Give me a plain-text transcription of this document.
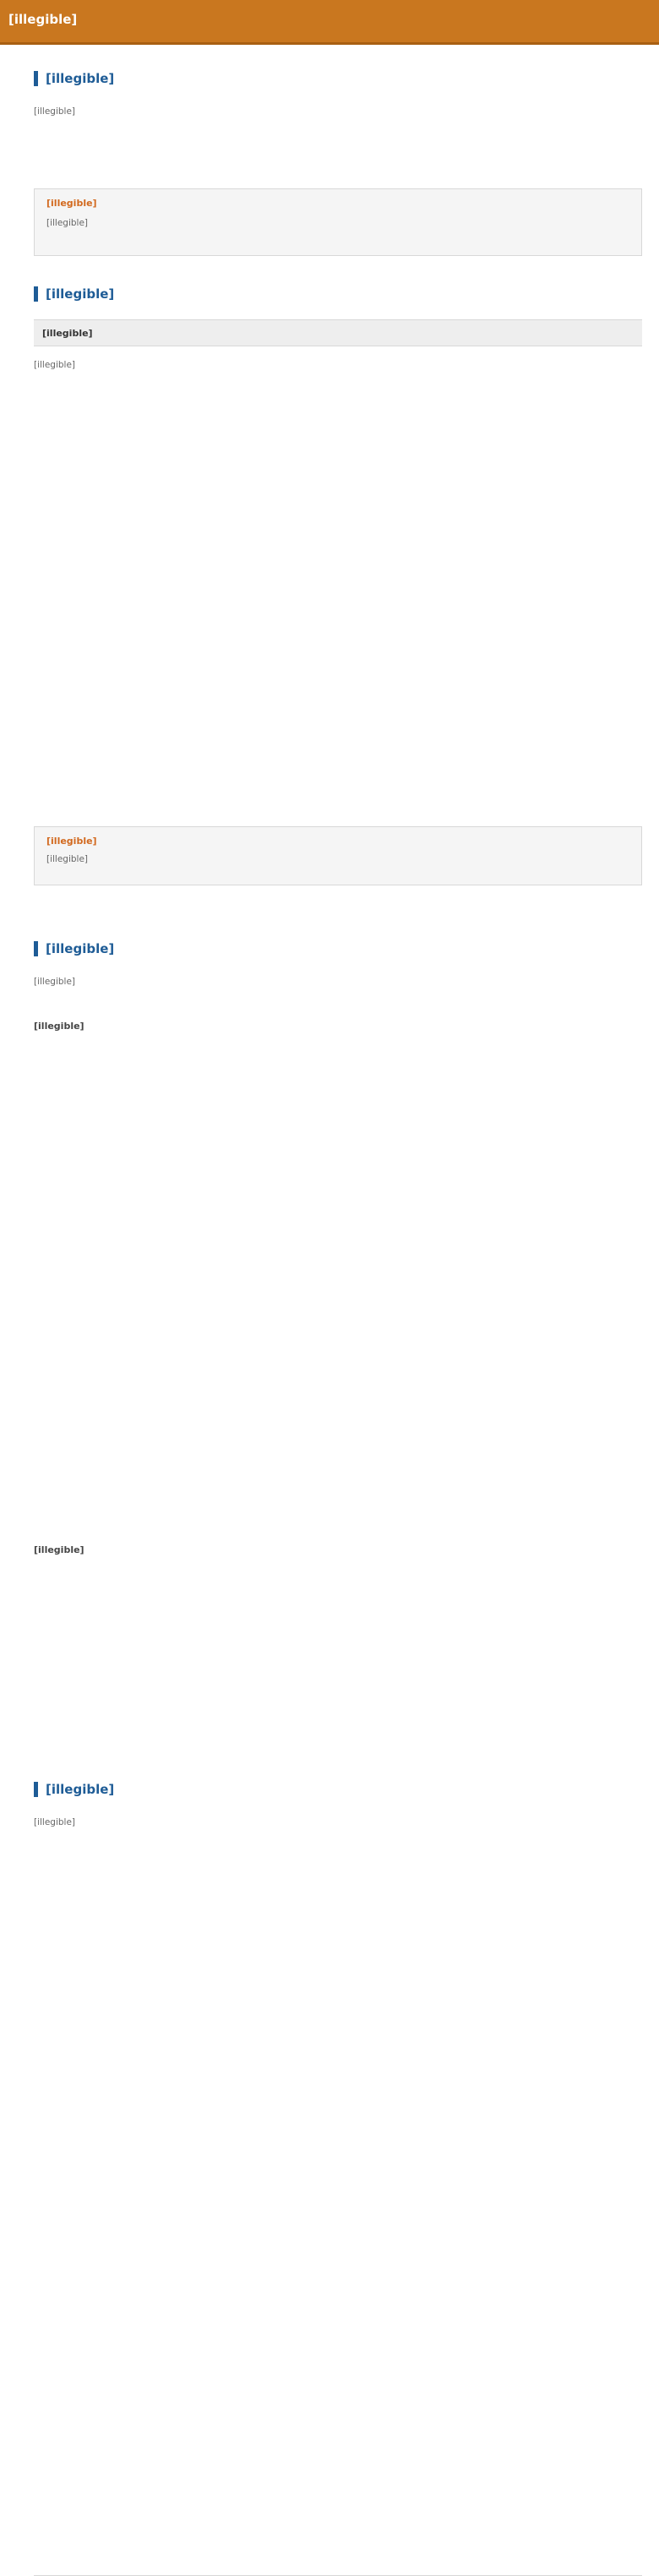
[illegible]
[illegible]
[illegible]
[illegible]
[illegible]
[illegible]
[illegible]
[illegible]
[illegible]
[illegible]
[illegible]
[illegible]
[illegible]
[illegible]
[illegible]
[illegible]
